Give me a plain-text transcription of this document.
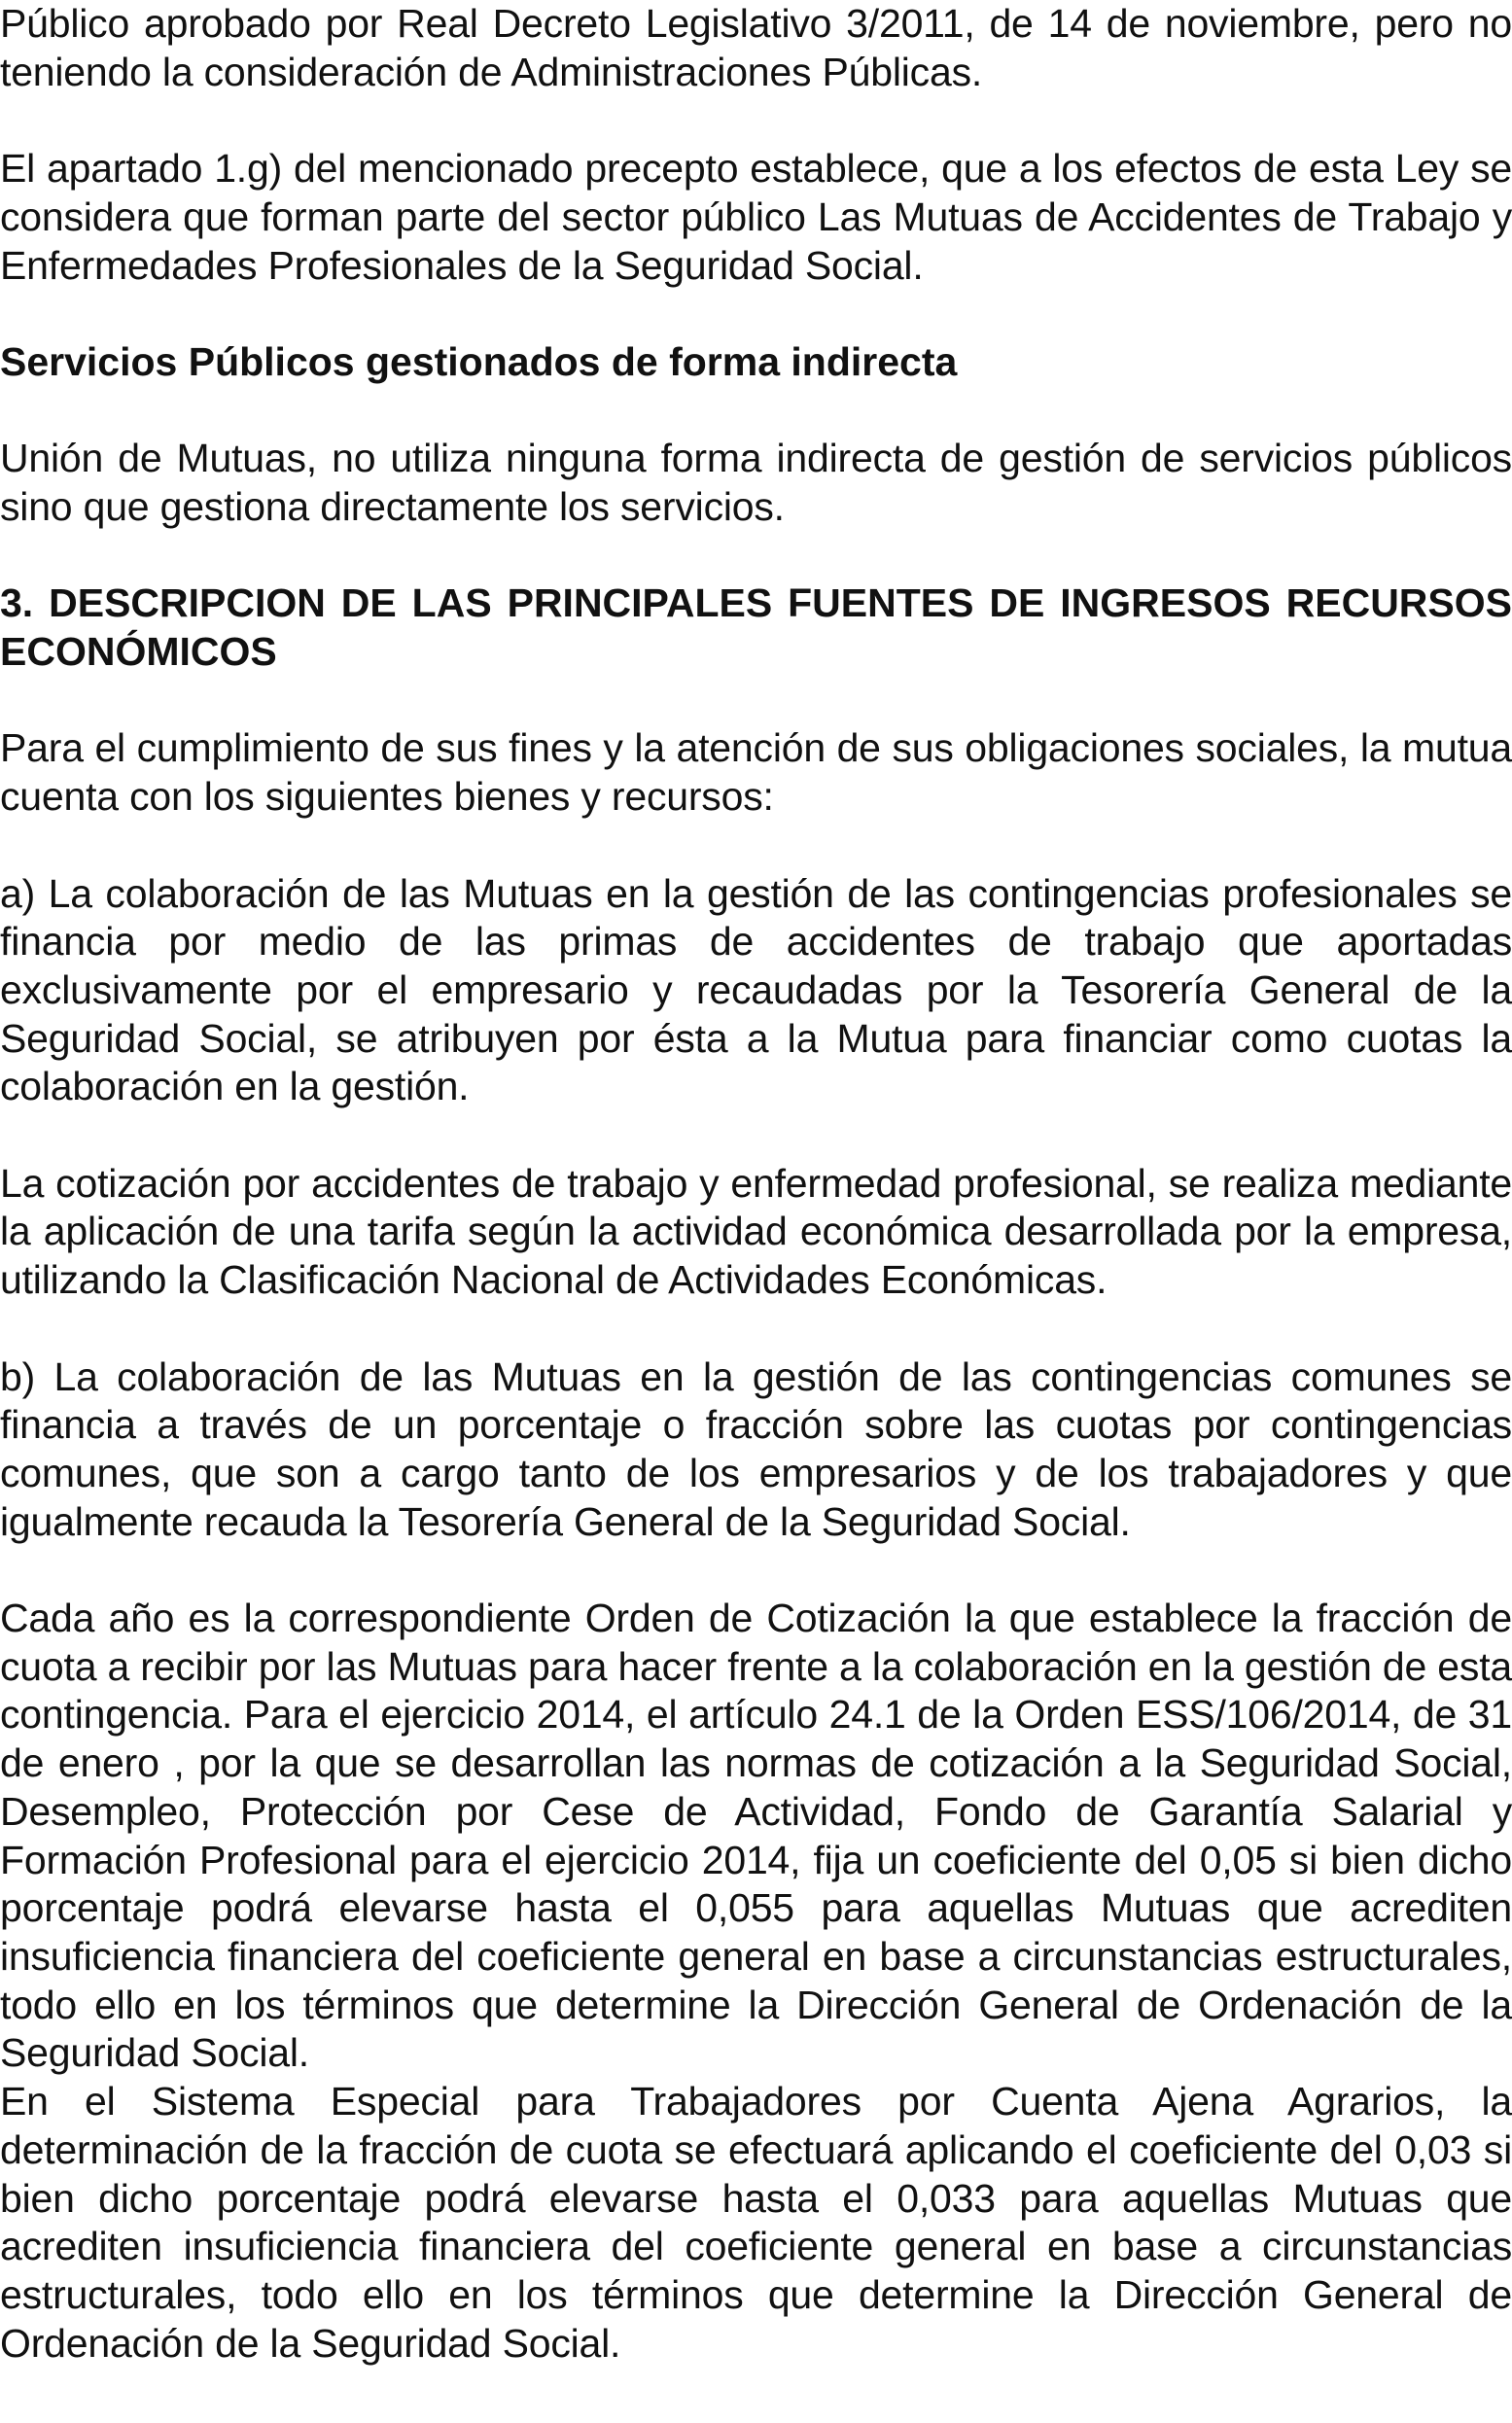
Público aprobado por Real Decreto Legislativo 3/2011, de 14 de noviembre, pero no teniendo la consideración de Administraciones Públicas.

El apartado 1.g) del mencionado precepto establece, que a los efectos de esta Ley se considera que forman parte del sector público Las Mutuas de Accidentes de Trabajo y Enfermedades Profesionales de la Seguridad Social.

Servicios Públicos gestionados de forma indirecta

Unión de Mutuas, no utiliza ninguna forma indirecta de gestión de servicios públicos sino que gestiona directamente los servicios.

3. DESCRIPCION DE LAS PRINCIPALES FUENTES DE INGRESOS RECURSOS ECONÓMICOS

Para el cumplimiento de sus fines y la atención de sus obligaciones sociales, la mutua cuenta con los siguientes bienes y recursos:

a) La colaboración de las Mutuas en la gestión de las contingencias profesionales se financia por medio de las primas de accidentes de trabajo que aportadas exclusivamente por el empresario y recaudadas por la Tesorería General de la Seguridad Social, se atribuyen por ésta a la Mutua para financiar como cuotas la colaboración en la gestión.

La cotización por accidentes de trabajo y enfermedad profesional, se realiza mediante la aplicación de una tarifa según la actividad económica desarrollada por la empresa, utilizando la Clasificación Nacional de Actividades Económicas.

b) La colaboración de las Mutuas en la gestión de las contingencias comunes se financia a través de un porcentaje o fracción sobre las cuotas por contingencias comunes, que son a cargo tanto de los empresarios y de los trabajadores y que igualmente recauda la Tesorería General de la Seguridad Social.

Cada año es la correspondiente Orden de Cotización la que establece la fracción de cuota a recibir por las Mutuas para hacer frente a la colaboración en la gestión de esta contingencia. Para el ejercicio 2014, el artículo 24.1 de la Orden ESS/106/2014, de 31 de enero , por la que se desarrollan las normas de cotización a la Seguridad Social, Desempleo, Protección por Cese de Actividad, Fondo de Garantía Salarial y Formación Profesional para el ejercicio 2014, fija un coeficiente del 0,05 si bien dicho porcentaje podrá elevarse hasta el 0,055 para aquellas Mutuas que acrediten insuficiencia financiera del coeficiente general en base a circunstancias estructurales, todo ello en los términos que determine la Dirección General de Ordenación de la Seguridad Social.

En el Sistema Especial para Trabajadores por Cuenta Ajena Agrarios, la determinación de la fracción de cuota se efectuará aplicando el coeficiente del 0,03 si bien dicho porcentaje podrá elevarse hasta el 0,033 para aquellas Mutuas que acrediten insuficiencia financiera del coeficiente general en base a circunstancias estructurales, todo ello en los términos que determine la Dirección General de Ordenación de la Seguridad Social.
